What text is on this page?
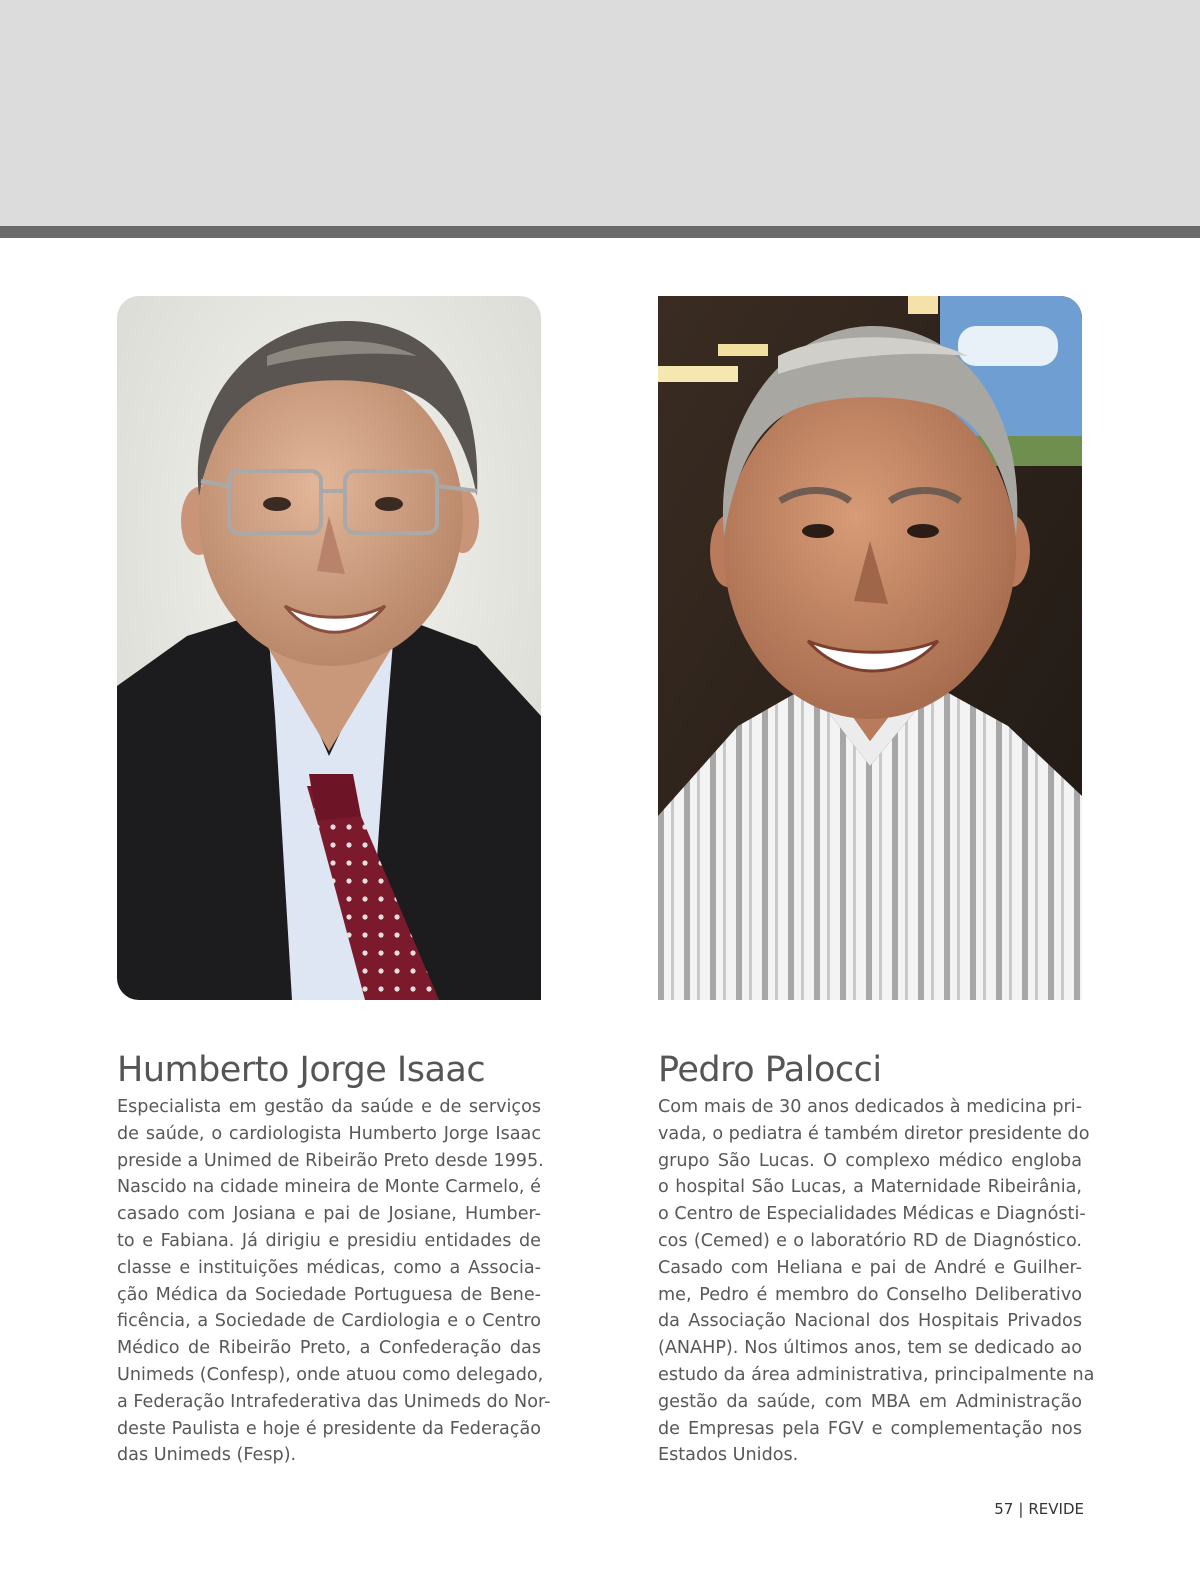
Humberto Jorge Isaac	Pedro Palocci

Especialista em gestão da saúde e de serviços
de saúde, o cardiologista Humberto Jorge Isaac
preside a Unimed de Ribeirão Preto desde 1995.
Nascido na cidade mineira de Monte Carmelo, é
casado com Josiana e pai de Josiane, Humber-
to e Fabiana. Já dirigiu e presidiu entidades de
classe e instituições médicas, como a Associa-
ção Médica da Sociedade Portuguesa de Bene-
ficência, a Sociedade de Cardiologia e o Centro
Médico de Ribeirão Preto, a Confederação das
Unimeds (Confesp), onde atuou como delegado,
a Federação Intrafederativa das Unimeds do Nor-
deste Paulista e hoje é presidente da Federação
das Unimeds (Fesp).

Com mais de 30 anos dedicados à medicina pri-
vada, o pediatra é também diretor presidente do
grupo São Lucas. O complexo médico engloba
o hospital São Lucas, a Maternidade Ribeirânia,
o Centro de Especialidades Médicas e Diagnósti-
cos (Cemed) e o laboratório RD de Diagnóstico.
Casado com Heliana e pai de André e Guilher-
me, Pedro é membro do Conselho Deliberativo
da Associação Nacional dos Hospitais Privados
(ANAHP). Nos últimos anos, tem se dedicado ao
estudo da área administrativa, principalmente na
gestão da saúde, com MBA em Administração
de Empresas pela FGV e complementação nos
Estados Unidos.

57 | REVIDE
